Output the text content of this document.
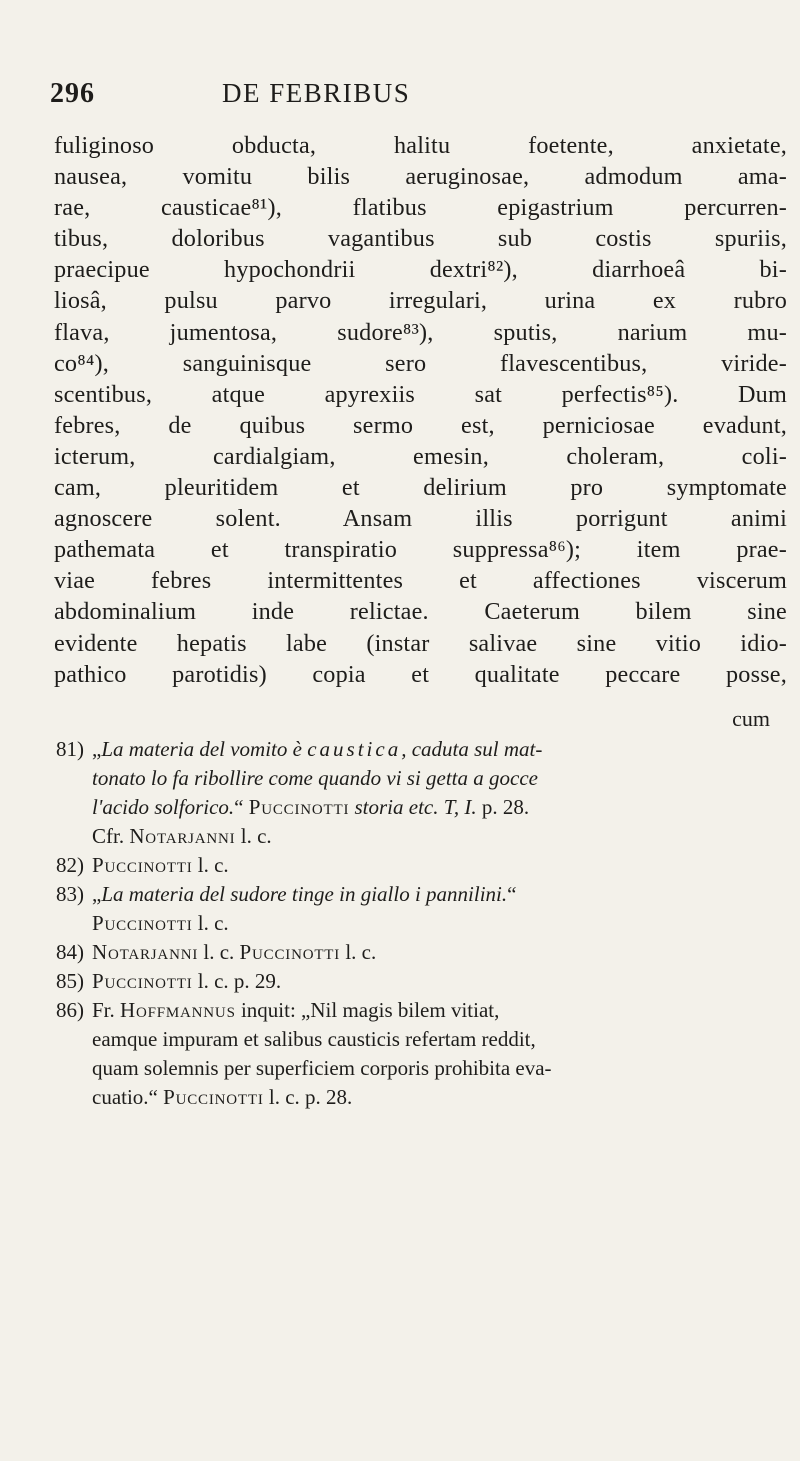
296	DE FEBRIBUS
fuliginoso obducta, halitu foetente, anxietate,
nausea, vomitu bilis aeruginosae, admodum ama-
rae, causticae⁸¹), flatibus epigastrium percurren-
tibus, doloribus vagantibus sub costis spuriis,
praecipue hypochondrii dextri⁸²), diarrhoeâ bi-
liosâ, pulsu parvo irregulari, urina ex rubro
flava, jumentosa, sudore⁸³), sputis, narium mu-
co⁸⁴), sanguinisque sero flavescentibus, viride-
scentibus, atque apyrexiis sat perfectis⁸⁵). Dum
febres, de quibus sermo est, perniciosae evadunt,
icterum, cardialgiam, emesin, choleram, coli-
cam, pleuritidem et delirium pro symptomate
agnoscere solent. Ansam illis porrigunt animi
pathemata et transpiratio suppressa⁸⁶); item prae-
viae febres intermittentes et affectiones viscerum
abdominalium inde relictae. Caeterum bilem sine
evidente hepatis labe (instar salivae sine vitio idio-
pathico parotidis) copia et qualitate peccare posse,
cum
81) „La materia del vomito è caustica, caduta sul mat-
tonato lo fa ribollire come quando vi si getta a gocce
l'acido solforico.“ Puccinotti storia etc. T, I. p. 28.
Cfr. Notarjanni l. c.
82) Puccinotti l. c.
83) „La materia del sudore tinge in giallo i pannilini.“
Puccinotti l. c.
84) Notarjanni l. c. Puccinotti l. c.
85) Puccinotti l. c. p. 29.
86) Fr. Hoffmannus inquit: „Nil magis bilem vitiat,
eamque impuram et salibus causticis refertam reddit,
quam solemnis per superficiem corporis prohibita eva-
cuatio.“ Puccinotti l. c. p. 28.
